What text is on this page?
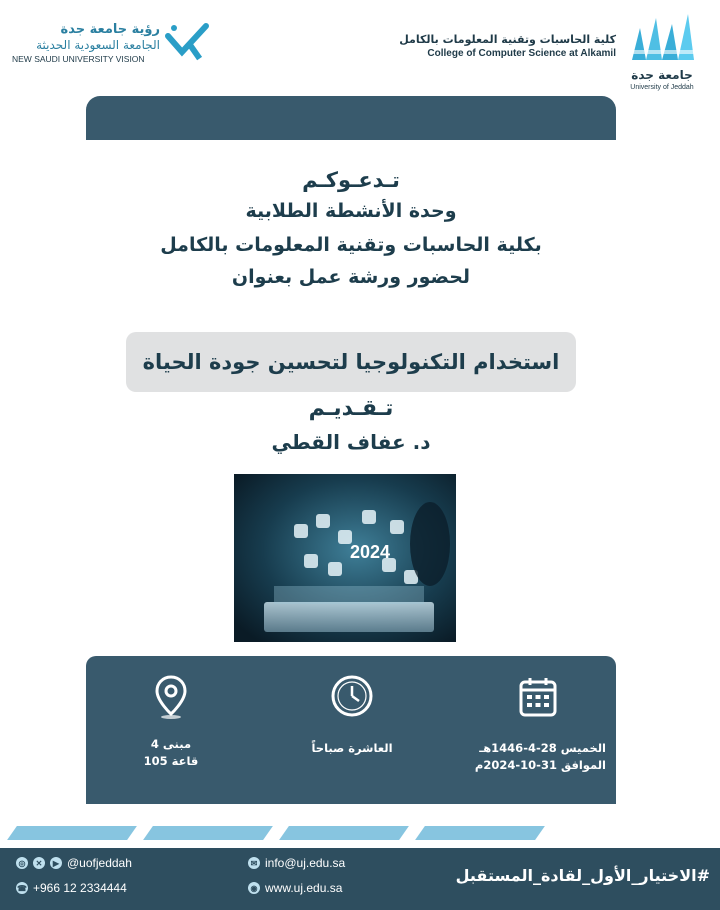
رؤية جامعة جدة
الجامعة السعودية الحديثة
NEW SAUDI UNIVERSITY VISION
كلية الحاسبات وتقنية المعلومات بالكامل
College of Computer Science at Alkamil
جامعة جدة
University of Jeddah
تـدعـوكـم
وحدة الأنشطة الطلابية
بكلية الحاسبات وتقنية المعلومات بالكامل
لحضور ورشة عمل بعنوان
استخدام التكنولوجيا لتحسين جودة الحياة
تـقـديـم
د. عفاف القطي
2024
مبنى 4
قاعة 105
العاشرة صباحاً	الخميس 28-4-1446هـ
الموافق 31-10-2024م
◎	✕	▶ @uofjeddah
☎ +966 12 2334444
✉ info@uj.edu.sa
◉ www.uj.edu.sa
#الاختيار_الأول_لقادة_المستقبل
